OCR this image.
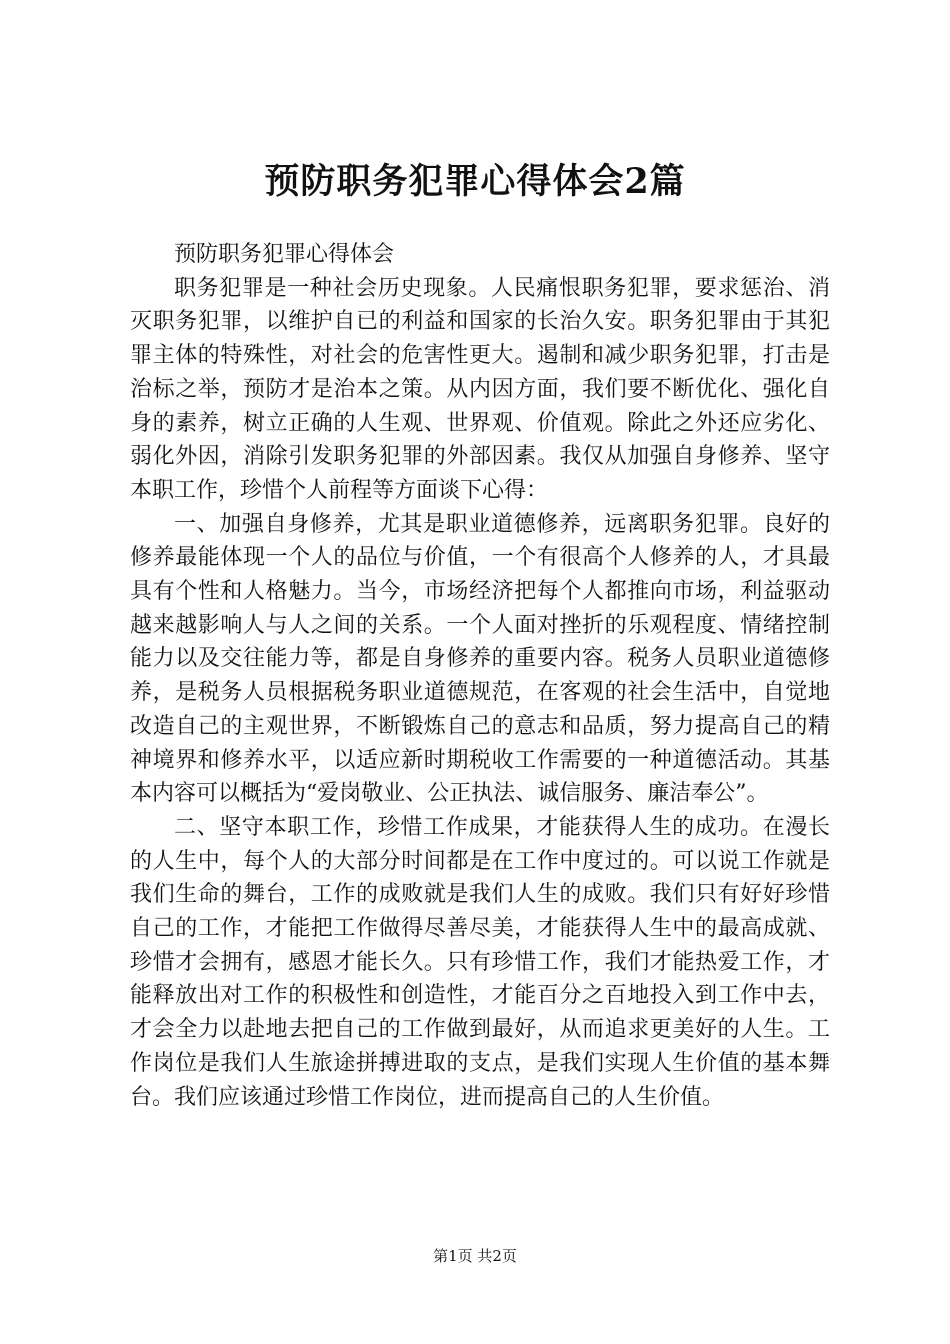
预防职务犯罪心得体会2篇

预防职务犯罪心得体会

职务犯罪是一种社会历史现象。人民痛恨职务犯罪，要求惩治、消灭职务犯罪，以维护自已的利益和国家的长治久安。职务犯罪由于其犯罪主体的特殊性，对社会的危害性更大。遏制和减少职务犯罪，打击是治标之举，预防才是治本之策。从内因方面，我们要不断优化、强化自身的素养，树立正确的人生观、世界观、价值观。除此之外还应劣化、弱化外因，消除引发职务犯罪的外部因素。我仅从加强自身修养、坚守本职工作，珍惜个人前程等方面谈下心得：

一、加强自身修养，尤其是职业道德修养，远离职务犯罪。良好的修养最能体现一个人的品位与价值，一个有很高个人修养的人，才具最具有个性和人格魅力。当今，市场经济把每个人都推向市场，利益驱动越来越影响人与人之间的关系。一个人面对挫折的乐观程度、情绪控制能力以及交往能力等，都是自身修养的重要内容。税务人员职业道德修养，是税务人员根据税务职业道德规范，在客观的社会生活中，自觉地改造自己的主观世界，不断锻炼自己的意志和品质，努力提高自己的精神境界和修养水平，以适应新时期税收工作需要的一种道德活动。其基本内容可以概括为“爱岗敬业、公正执法、诚信服务、廉洁奉公”。

二、坚守本职工作，珍惜工作成果，才能获得人生的成功。在漫长的人生中，每个人的大部分时间都是在工作中度过的。可以说工作就是我们生命的舞台，工作的成败就是我们人生的成败。我们只有好好珍惜自己的工作，才能把工作做得尽善尽美，才能获得人生中的最高成就、珍惜才会拥有，感恩才能长久。只有珍惜工作，我们才能热爱工作，才能释放出对工作的积极性和创造性，才能百分之百地投入到工作中去，才会全力以赴地去把自己的工作做到最好，从而追求更美好的人生。工作岗位是我们人生旅途拼搏进取的支点，是我们实现人生价值的基本舞台。我们应该通过珍惜工作岗位，进而提高自己的人生价值。

第1页 共2页
